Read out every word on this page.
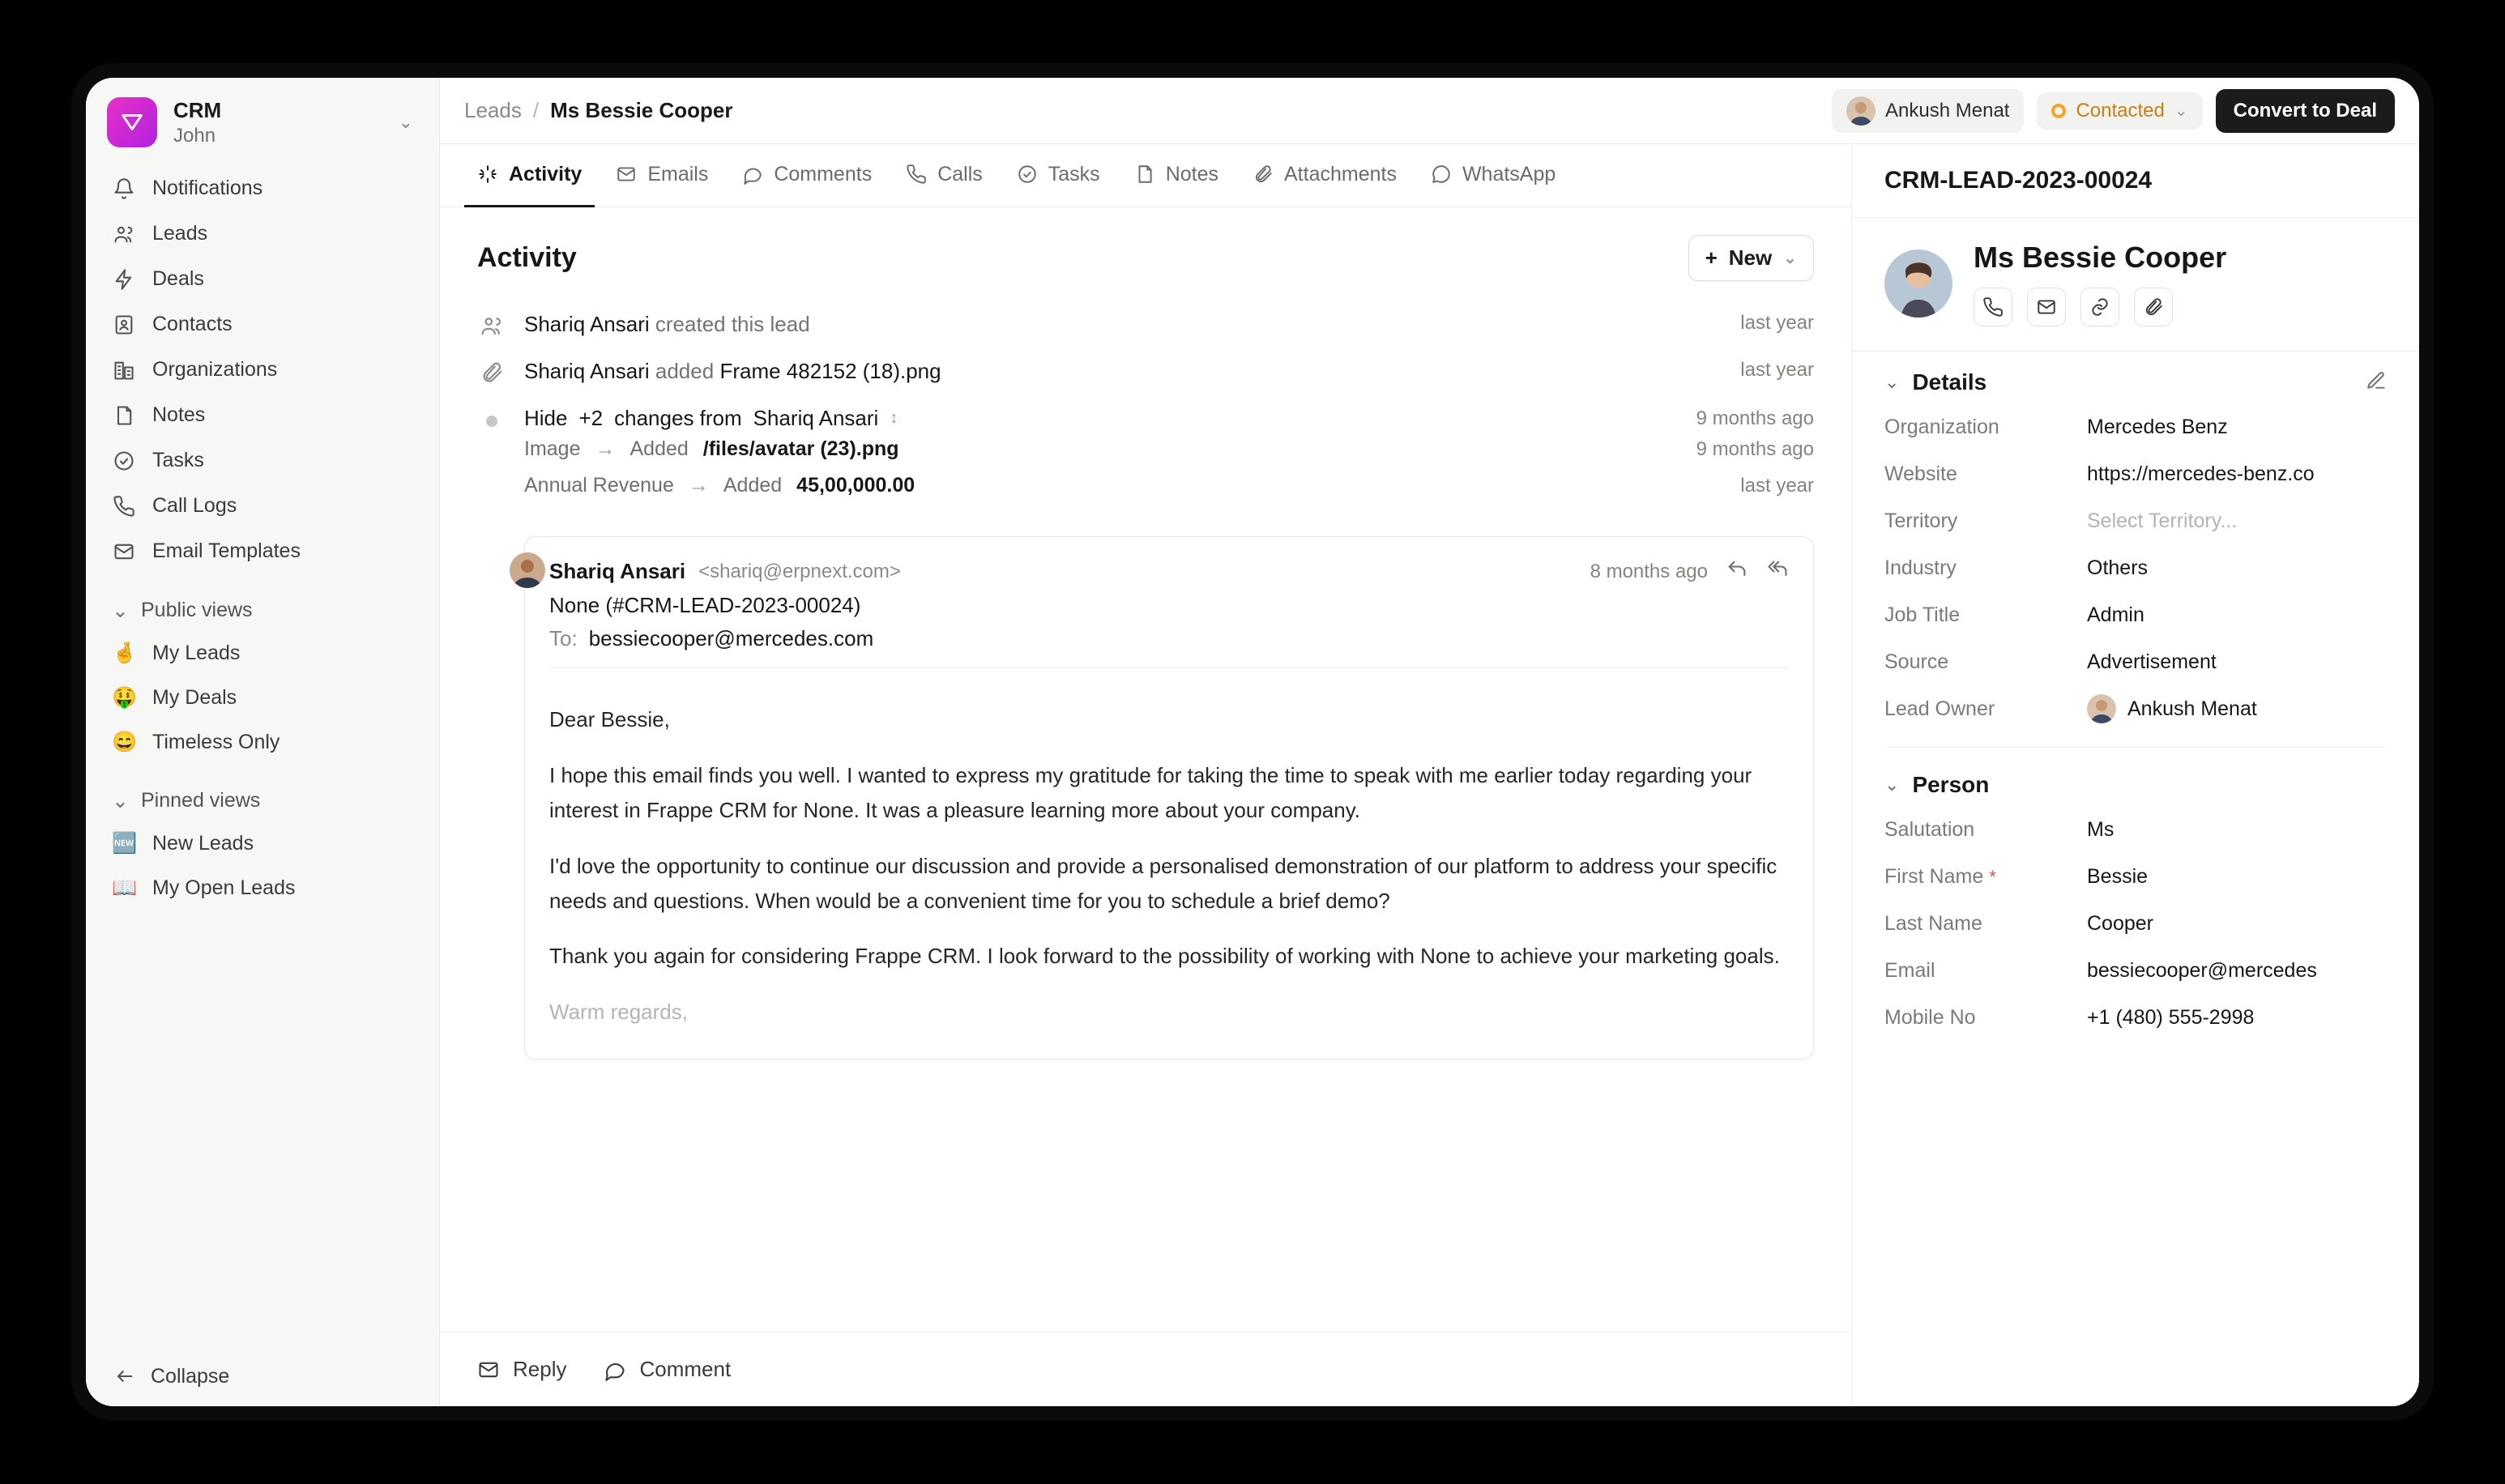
CRM
John
⌄
Notifications
Leads
Deals
Contacts
Organizations
Notes
Tasks
Call Logs
Email Templates
⌄ Public views
🤞 My Leads
🤑 My Deals
😄 Timeless Only
⌄ Pinned views
🆕 New Leads
📖 My Open Leads
Collapse
Leads / Ms Bessie Cooper	Ankush Menat	Contacted ⌄	Convert to Deal
Activity	Emails	Comments	Calls	Tasks	Notes	Attachments	WhatsApp
Activity	+ New ⌄
Shariq Ansari created this lead	last year
Shariq Ansari added Frame 482152 (18).png	last year
Hide +2 changes from Shariq Ansari ↕	9 months ago
Image → Added /files/avatar (23).png	9 months ago
Annual Revenue → Added 45,00,000.00	last year
Shariq Ansari <shariq@erpnext.com>	8 months ago
None (#CRM-LEAD-2023-00024)
To: bessiecooper@mercedes.com

Dear Bessie,

I hope this email finds you well. I wanted to express my gratitude for taking the time to speak with me earlier today regarding your interest in Frappe CRM for None. It was a pleasure learning more about your company.

I'd love the opportunity to continue our discussion and provide a personalised demonstration of our platform to address your specific needs and questions. When would be a convenient time for you to schedule a brief demo?

Thank you again for considering Frappe CRM. I look forward to the possibility of working with None to achieve your marketing goals.

Warm regards,

Reply	Comment
CRM-LEAD-2023-00024
Ms Bessie Cooper
⌄ Details
Organization	Mercedes Benz
Website	https://mercedes-benz.co
Territory	Select Territory...
Industry	Others
Job Title	Admin
Source	Advertisement
Lead Owner	Ankush Menat
⌄ Person
Salutation	Ms
First Name *	Bessie
Last Name	Cooper
Email	bessiecooper@mercedes
Mobile No	+1 (480) 555-2998
